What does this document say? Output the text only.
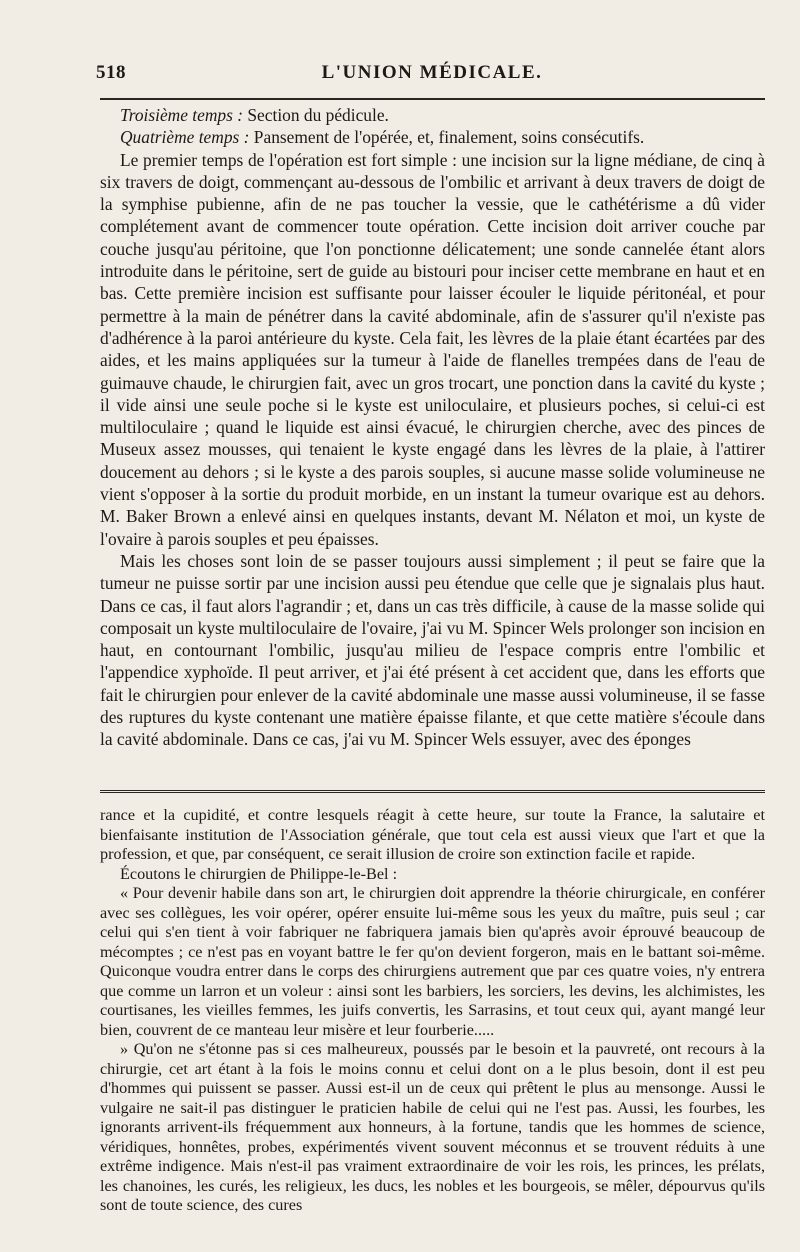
518	L'UNION MÉDICALE.

Troisième temps : Section du pédicule.

Quatrième temps : Pansement de l'opérée, et, finalement, soins consécutifs.

Le premier temps de l'opération est fort simple : une incision sur la ligne médiane, de cinq à six travers de doigt, commençant au-dessous de l'ombilic et arrivant à deux travers de doigt de la symphise pubienne, afin de ne pas toucher la vessie, que le cathétérisme a dû vider complétement avant de commencer toute opération. Cette incision doit arriver couche par couche jusqu'au péritoine, que l'on ponctionne délicatement; une sonde cannelée étant alors introduite dans le péritoine, sert de guide au bistouri pour inciser cette membrane en haut et en bas. Cette première incision est suffisante pour laisser écouler le liquide péritonéal, et pour permettre à la main de pénétrer dans la cavité abdominale, afin de s'assurer qu'il n'existe pas d'adhérence à la paroi antérieure du kyste. Cela fait, les lèvres de la plaie étant écartées par des aides, et les mains appliquées sur la tumeur à l'aide de flanelles trempées dans de l'eau de guimauve chaude, le chirurgien fait, avec un gros trocart, une ponction dans la cavité du kyste ; il vide ainsi une seule poche si le kyste est uniloculaire, et plusieurs poches, si celui-ci est multiloculaire ; quand le liquide est ainsi évacué, le chirurgien cherche, avec des pinces de Museux assez mousses, qui tenaient le kyste engagé dans les lèvres de la plaie, à l'attirer doucement au dehors ; si le kyste a des parois souples, si aucune masse solide volumineuse ne vient s'opposer à la sortie du produit morbide, en un instant la tumeur ovarique est au dehors. M. Baker Brown a enlevé ainsi en quelques instants, devant M. Nélaton et moi, un kyste de l'ovaire à parois souples et peu épaisses.

Mais les choses sont loin de se passer toujours aussi simplement ; il peut se faire que la tumeur ne puisse sortir par une incision aussi peu étendue que celle que je signalais plus haut. Dans ce cas, il faut alors l'agrandir ; et, dans un cas très difficile, à cause de la masse solide qui composait un kyste multiloculaire de l'ovaire, j'ai vu M. Spincer Wels prolonger son incision en haut, en contournant l'ombilic, jusqu'au milieu de l'espace compris entre l'ombilic et l'appendice xyphoïde. Il peut arriver, et j'ai été présent à cet accident que, dans les efforts que fait le chirurgien pour enlever de la cavité abdominale une masse aussi volumineuse, il se fasse des ruptures du kyste contenant une matière épaisse filante, et que cette matière s'écoule dans la cavité abdominale. Dans ce cas, j'ai vu M. Spincer Wels essuyer, avec des éponges

rance et la cupidité, et contre lesquels réagit à cette heure, sur toute la France, la salutaire et bienfaisante institution de l'Association générale, que tout cela est aussi vieux que l'art et que la profession, et que, par conséquent, ce serait illusion de croire son extinction facile et rapide.

Écoutons le chirurgien de Philippe-le-Bel :

« Pour devenir habile dans son art, le chirurgien doit apprendre la théorie chirurgicale, en conférer avec ses collègues, les voir opérer, opérer ensuite lui-même sous les yeux du maître, puis seul ; car celui qui s'en tient à voir fabriquer ne fabriquera jamais bien qu'après avoir éprouvé beaucoup de mécomptes ; ce n'est pas en voyant battre le fer qu'on devient forgeron, mais en le battant soi-même. Quiconque voudra entrer dans le corps des chirurgiens autrement que par ces quatre voies, n'y entrera que comme un larron et un voleur : ainsi sont les barbiers, les sorciers, les devins, les alchimistes, les courtisanes, les vieilles femmes, les juifs convertis, les Sarrasins, et tout ceux qui, ayant mangé leur bien, couvrent de ce manteau leur misère et leur fourberie.....

» Qu'on ne s'étonne pas si ces malheureux, poussés par le besoin et la pauvreté, ont recours à la chirurgie, cet art étant à la fois le moins connu et celui dont on a le plus besoin, dont il est peu d'hommes qui puissent se passer. Aussi est-il un de ceux qui prêtent le plus au mensonge. Aussi le vulgaire ne sait-il pas distinguer le praticien habile de celui qui ne l'est pas. Aussi, les fourbes, les ignorants arrivent-ils fréquemment aux honneurs, à la fortune, tandis que les hommes de science, véridiques, honnêtes, probes, expérimentés vivent souvent méconnus et se trouvent réduits à une extrême indigence. Mais n'est-il pas vraiment extraordinaire de voir les rois, les princes, les prélats, les chanoines, les curés, les religieux, les ducs, les nobles et les bourgeois, se mêler, dépourvus qu'ils sont de toute science, des cures
